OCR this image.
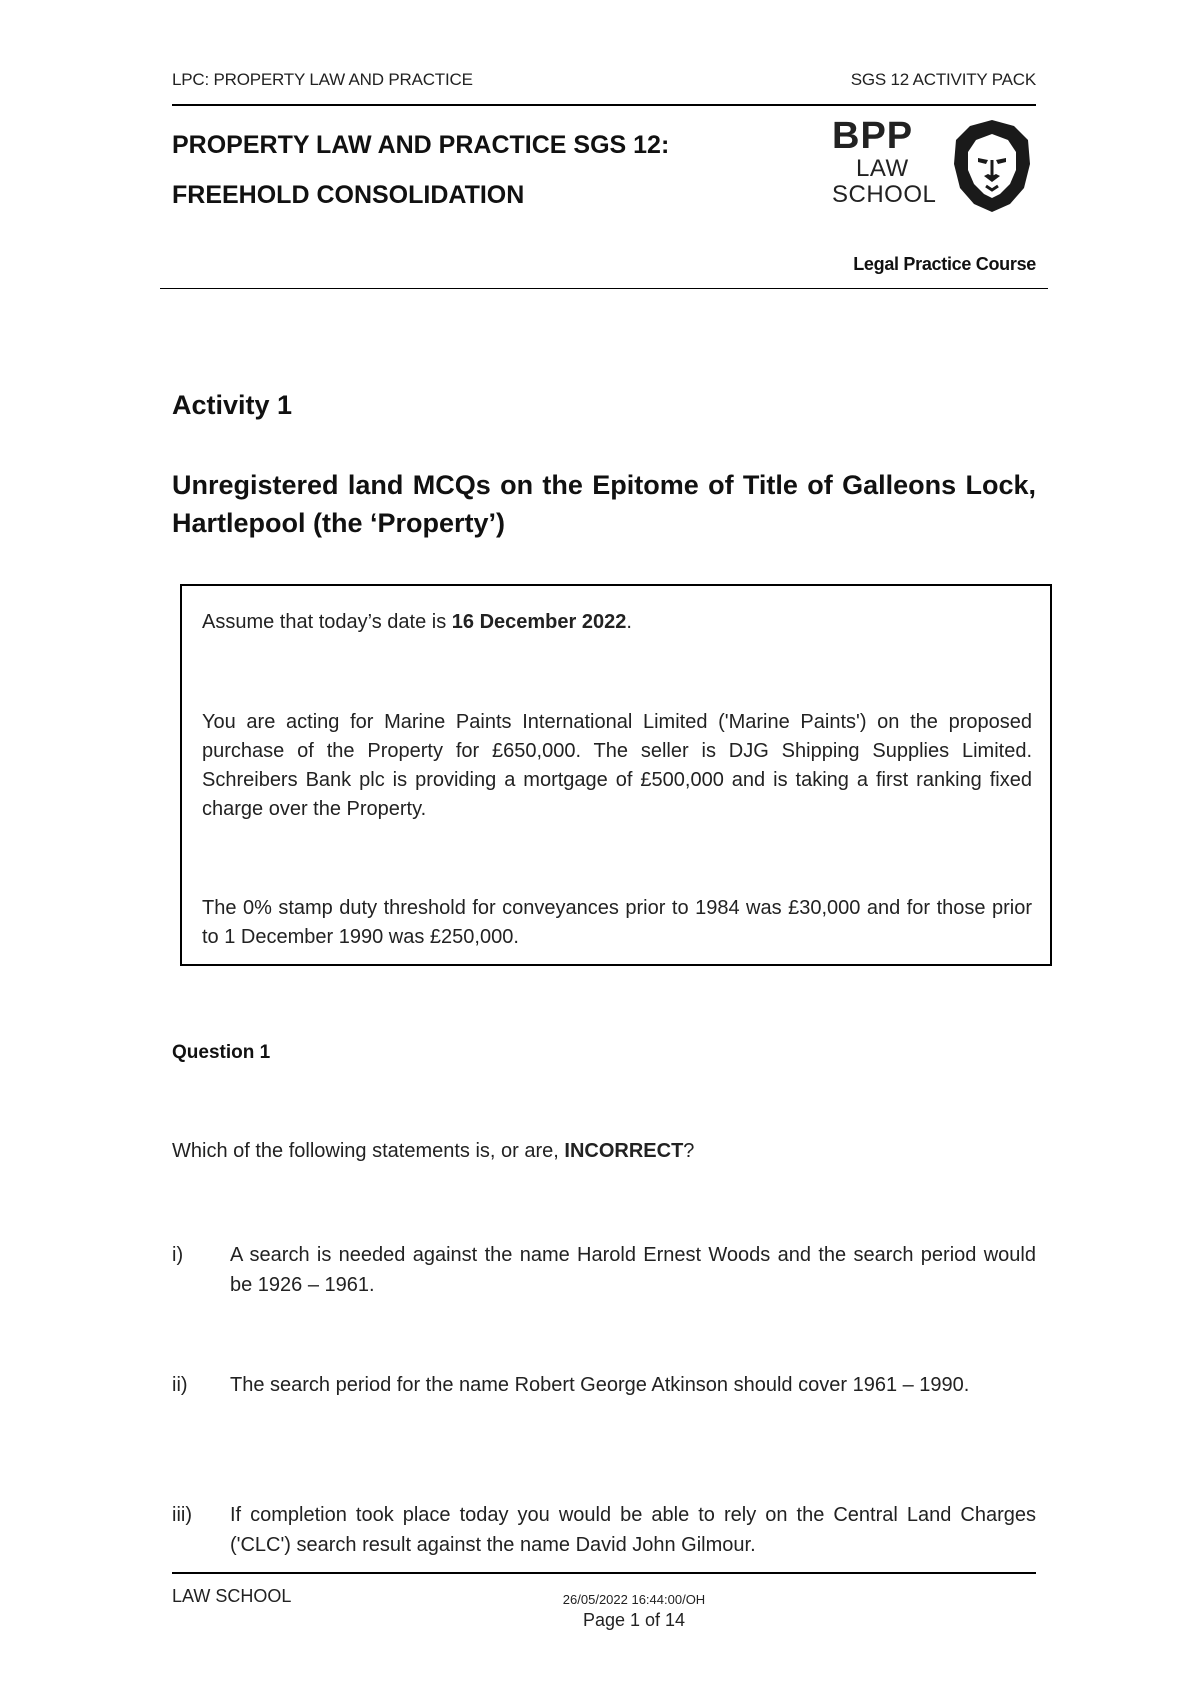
LPC: PROPERTY LAW AND PRACTICE	SGS 12 ACTIVITY PACK
PROPERTY LAW AND PRACTICE SGS 12:
FREEHOLD CONSOLIDATION
BPP
LAW
SCHOOL
Legal Practice Course
Activity 1
Unregistered land MCQs on the Epitome of Title of Galleons Lock, Hartlepool (the ‘Property’)

Assume that today’s date is 16 December 2022.

You are acting for Marine Paints International Limited ('Marine Paints') on the proposed purchase of the Property for £650,000. The seller is DJG Shipping Supplies Limited. Schreibers Bank plc is providing a mortgage of £500,000 and is taking a first ranking fixed charge over the Property.

The 0% stamp duty threshold for conveyances prior to 1984 was £30,000 and for those prior to 1 December 1990 was £250,000.

Question 1
Which of the following statements is, or are, INCORRECT?
i) A search is needed against the name Harold Ernest Woods and the search period would be 1926 – 1961.
ii) The search period for the name Robert George Atkinson should cover 1961 – 1990.
iii) If completion took place today you would be able to rely on the Central Land Charges ('CLC') search result against the name David John Gilmour.
LAW SCHOOL	26/05/2022 16:44:00/OH
Page 1 of 14
